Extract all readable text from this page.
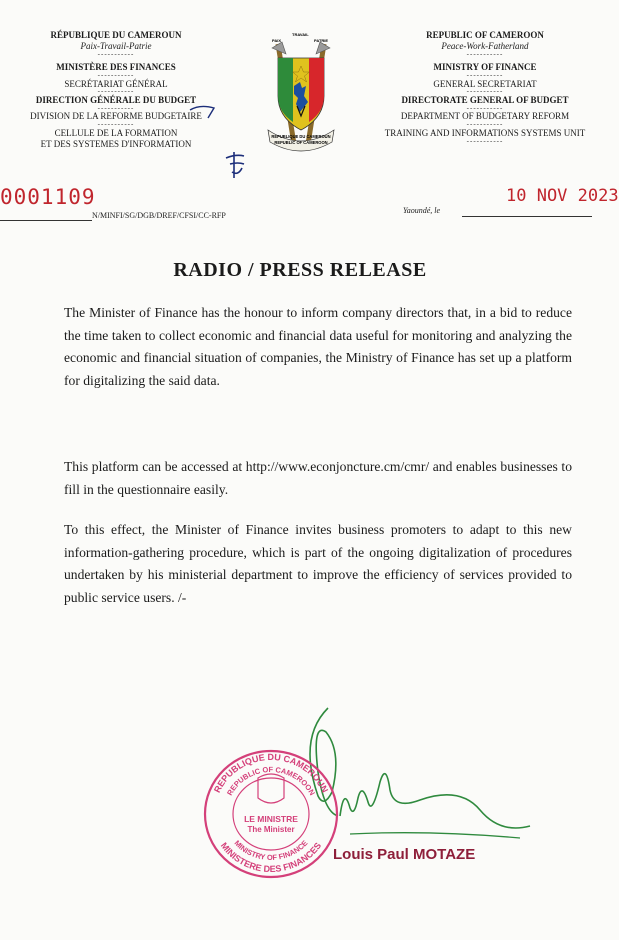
RÉPUBLIQUE DU CAMEROUN
Paix-Travail-Patrie
-----------
MINISTÈRE DES FINANCES
-----------
SECRÉTARIAT GÉNÉRAL
-----------
DIRECTION GÉNÉRALE DU BUDGET
-----------
DIVISION DE LA REFORME BUDGETAIRE
-----------
CELLULE DE LA FORMATION
ET DES SYSTEMES D'INFORMATION
PAIX
TRAVAIL
PATRIE
REPUBLIQUE DU CAMEROUN
REPUBLIC OF CAMEROON
REPUBLIC OF CAMEROON
Peace-Work-Fatherland
-----------
MINISTRY OF FINANCE
-----------
GENERAL SECRETARIAT
-----------
DIRECTORATE GENERAL OF BUDGET
-----------
DEPARTMENT OF BUDGETARY REFORM
-----------
TRAINING AND INFORMATIONS SYSTEMS UNIT
-----------
0001109
N/MINFI/SG/DGB/DREF/CFSI/CC-RFP
10 NOV 2023
Yaoundé, le
RADIO / PRESS RELEASE

The Minister of Finance has the honour to inform company directors that, in a bid to reduce the time taken to collect economic and financial data useful for monitoring and analyzing the economic and financial situation of companies, the Ministry of Finance has set up a platform for digitalizing the said data.

This platform can be accessed at http://www.econjoncture.cm/cmr/ and enables businesses to fill in the questionnaire easily.

To this effect, the Minister of Finance invites business promoters to adapt to this new information-gathering procedure, which is part of the ongoing digitalization of procedures undertaken by his ministerial department to improve the efficiency of services provided to public service users. /-

REPUBLIQUE DU CAMEROUN
REPUBLIC OF CAMEROON
MINISTRY OF FINANCE
MINISTERE DES FINANCES
LE MINISTRE
The Minister
Louis Paul MOTAZE
